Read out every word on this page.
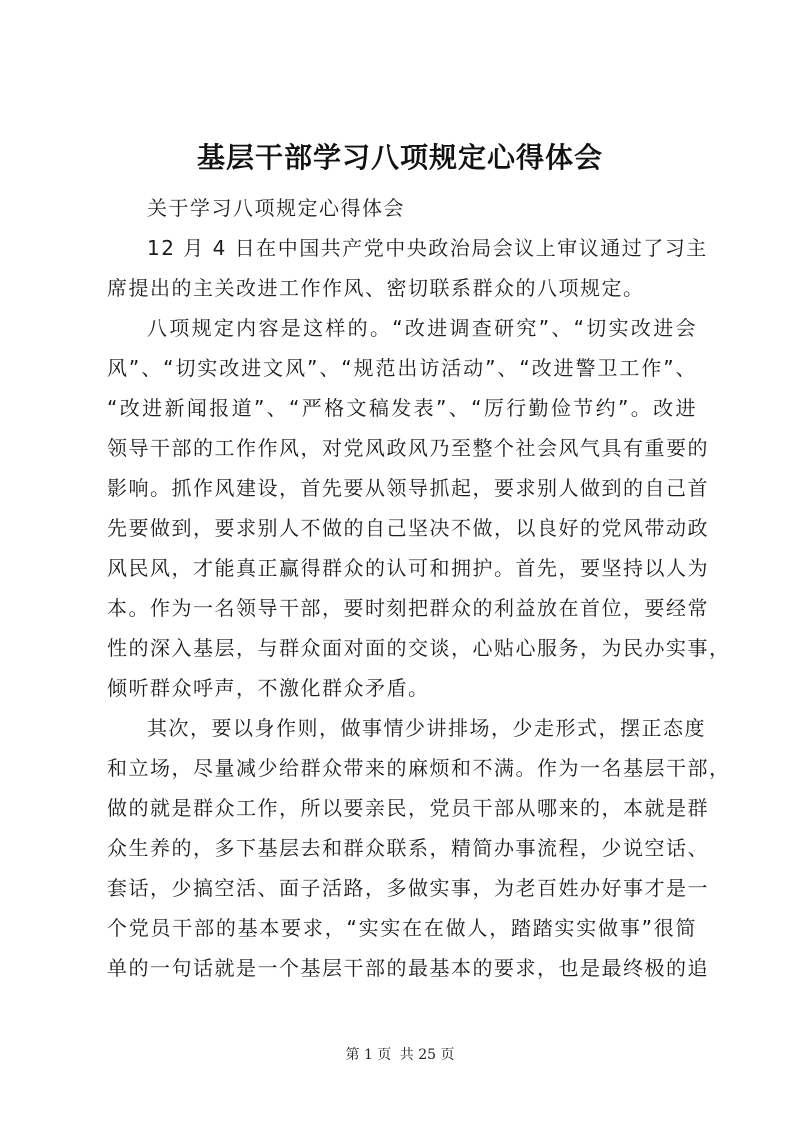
基层干部学习八项规定心得体会
关于学习八项规定心得体会
12 月 4 日在中国共产党中央政治局会议上审议通过了习主
席提出的主关改进工作作风、密切联系群众的八项规定。
八项规定内容是这样的。“改进调查研究”、“切实改进会
风”、“切实改进文风”、“规范出访活动”、“改进警卫工作”、
“改进新闻报道”、“严格文稿发表”、“厉行勤俭节约”。改进
领导干部的工作作风，对党风政风乃至整个社会风气具有重要的
影响。抓作风建设，首先要从领导抓起，要求别人做到的自己首
先要做到，要求别人不做的自己坚决不做，以良好的党风带动政
风民风，才能真正赢得群众的认可和拥护。首先，要坚持以人为
本。作为一名领导干部，要时刻把群众的利益放在首位，要经常
性的深入基层，与群众面对面的交谈，心贴心服务，为民办实事，
倾听群众呼声，不激化群众矛盾。
其次，要以身作则，做事情少讲排场，少走形式，摆正态度
和立场，尽量减少给群众带来的麻烦和不满。作为一名基层干部，
做的就是群众工作，所以要亲民，党员干部从哪来的，本就是群
众生养的，多下基层去和群众联系，精简办事流程，少说空话、
套话，少搞空活、面子活路，多做实事，为老百姓办好事才是一
个党员干部的基本要求，“实实在在做人，踏踏实实做事”很简
单的一句话就是一个基层干部的最基本的要求，也是最终极的追
第 1 页 共 25 页
